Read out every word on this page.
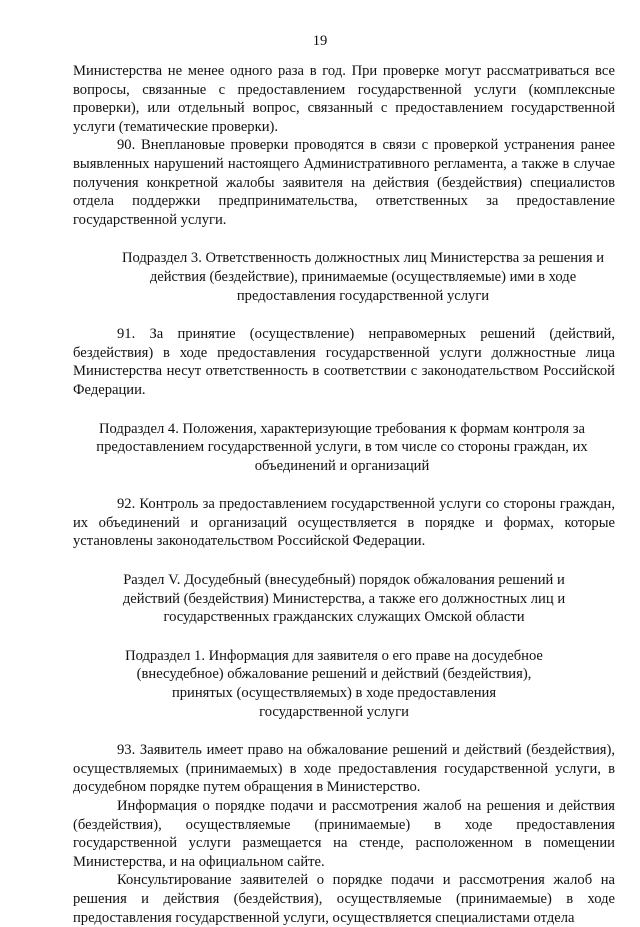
19

Министерства не менее одного раза в год. При проверке могут рассматриваться все вопросы, связанные с предоставлением государственной услуги (комплексные проверки), или отдельный вопрос, связанный с предоставлением государственной услуги (тематические проверки).

90. Внеплановые проверки проводятся в связи с проверкой устранения ранее выявленных нарушений настоящего Административного регламента, а также в случае получения конкретной жалобы заявителя на действия (бездействия) специалистов отдела поддержки предпринимательства, ответственных за предоставление государственной услуги.

Подраздел 3. Ответственность должностных лиц Министерства за решения и действия (бездействие), принимаемые (осуществляемые) ими в ходе предоставления государственной услуги

91. За принятие (осуществление) неправомерных решений (действий, бездействия) в ходе предоставления государственной услуги должностные лица Министерства несут ответственность в соответствии с законодательством Российской Федерации.

Подраздел 4. Положения, характеризующие требования к формам контроля за предоставлением государственной услуги, в том числе со стороны граждан, их объединений и организаций

92. Контроль за предоставлением государственной услуги со стороны граждан, их объединений и организаций осуществляется в порядке и формах, которые установлены законодательством Российской Федерации.

Раздел V. Досудебный (внесудебный) порядок обжалования решений и действий (бездействия) Министерства, а также его должностных лиц и государственных гражданских служащих Омской области

Подраздел 1. Информация для заявителя о его праве на досудебное (внесудебное) обжалование решений и действий (бездействия), принятых (осуществляемых) в ходе предоставления государственной услуги

93. Заявитель имеет право на обжалование решений и действий (бездействия), осуществляемых (принимаемых) в ходе предоставления государственной услуги, в досудебном порядке путем обращения в Министерство.

Информация о порядке подачи и рассмотрения жалоб на решения и действия (бездействия), осуществляемые (принимаемые) в ходе предоставления государственной услуги размещается на стенде, расположенном в помещении Министерства, и на официальном сайте.

Консультирование заявителей о порядке подачи и рассмотрения жалоб на решения и действия (бездействия), осуществляемые (принимаемые) в ходе предоставления государственной услуги, осуществляется специалистами отдела
